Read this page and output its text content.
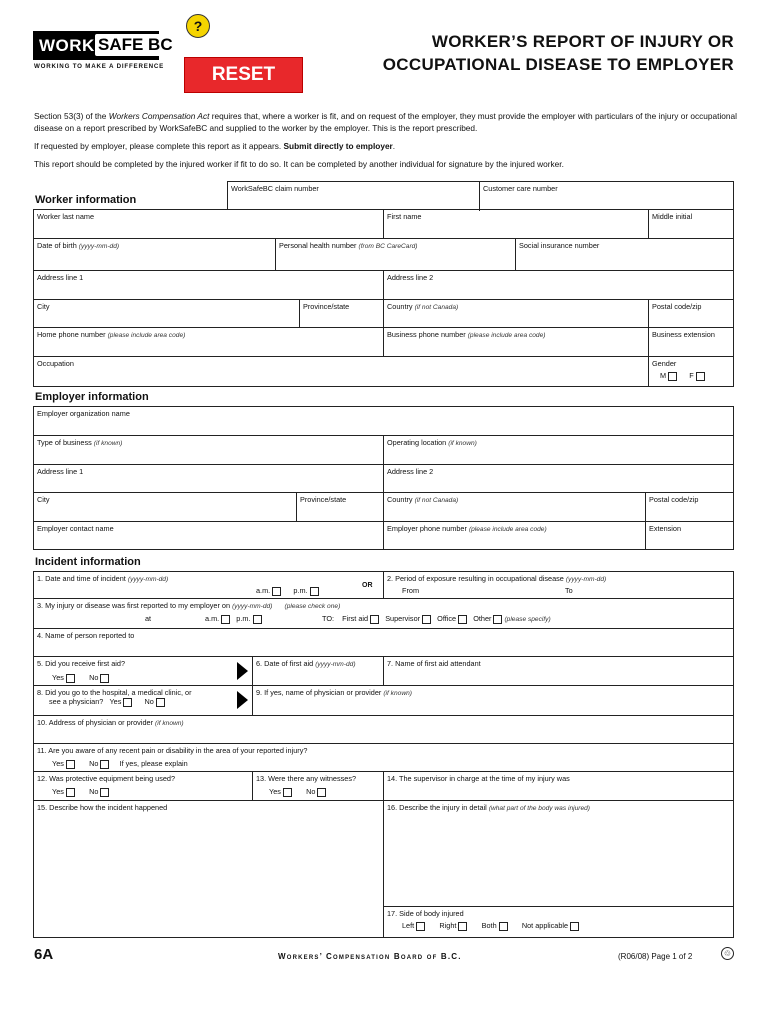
WORK SAFE BC
WORKING TO MAKE A DIFFERENCE
?
RESET
WORKER’S REPORT OF INJURY OR
OCCUPATIONAL DISEASE TO EMPLOYER
Section 53(3) of the Workers Compensation Act requires that, where a worker is fit, and on request of the employer, they must provide the employer with particulars of the injury or occupational disease on a report prescribed by WorkSafeBC and supplied to the worker by the employer. This is the report prescribed.
If requested by employer, please complete this report as it appears. Submit directly to employer.
This report should be completed by the injured worker if fit to do so. It can be completed by another individual for signature by the injured worker.
Worker information
WorkSafeBC claim number	Customer care number
Worker last name	First name	Middle initial
Date of birth (yyyy-mm-dd)	Personal health number (from BC CareCard)	Social insurance number
Address line 1	Address line 2
City	Province/state	Country (if not Canada)	Postal code/zip
Home phone number (please include area code)	Business phone number (please include area code)	Business extension
Occupation	Gender
M	F
Employer information
Employer organization name
Type of business (if known)	Operating location (if known)
Address line 1	Address line 2
City	Province/state	Country (if not Canada)	Postal code/zip
Employer contact name	Employer phone number (please include area code)	Extension
Incident information
1. Date and time of incident (yyyy-mm-dd)
a.m.	p.m.
OR
2. Period of exposure resulting in occupational disease (yyyy-mm-dd)
From	To
3. My injury or disease was first reported to my employer on (yyyy-mm-dd) (please check one)
at	a.m. p.m.	TO: First aid Supervisor Office Other (please specify)
4. Name of person reported to
5. Did you receive first aid?
Yes	No
6. Date of first aid (yyyy-mm-dd)	7. Name of first aid attendant
8. Did you go to the hospital, a medical clinic, or
see a physician? Yes	No
9. If yes, name of physician or provider (if known)
10. Address of physician or provider (if known)
11. Are you aware of any recent pain or disability in the area of your reported injury?
Yes	No	If yes, please explain
12. Was protective equipment being used?
Yes	No
13. Were there any witnesses?
Yes	No
14. The supervisor in charge at the time of my injury was
15. Describe how the incident happened	16. Describe the injury in detail (what part of the body was injured)
17. Side of body injured
Left	Right	Both	Not applicable
6A	Workers’ Compensation Board of B.C.	(R06/08) Page 1 of 2	♲
